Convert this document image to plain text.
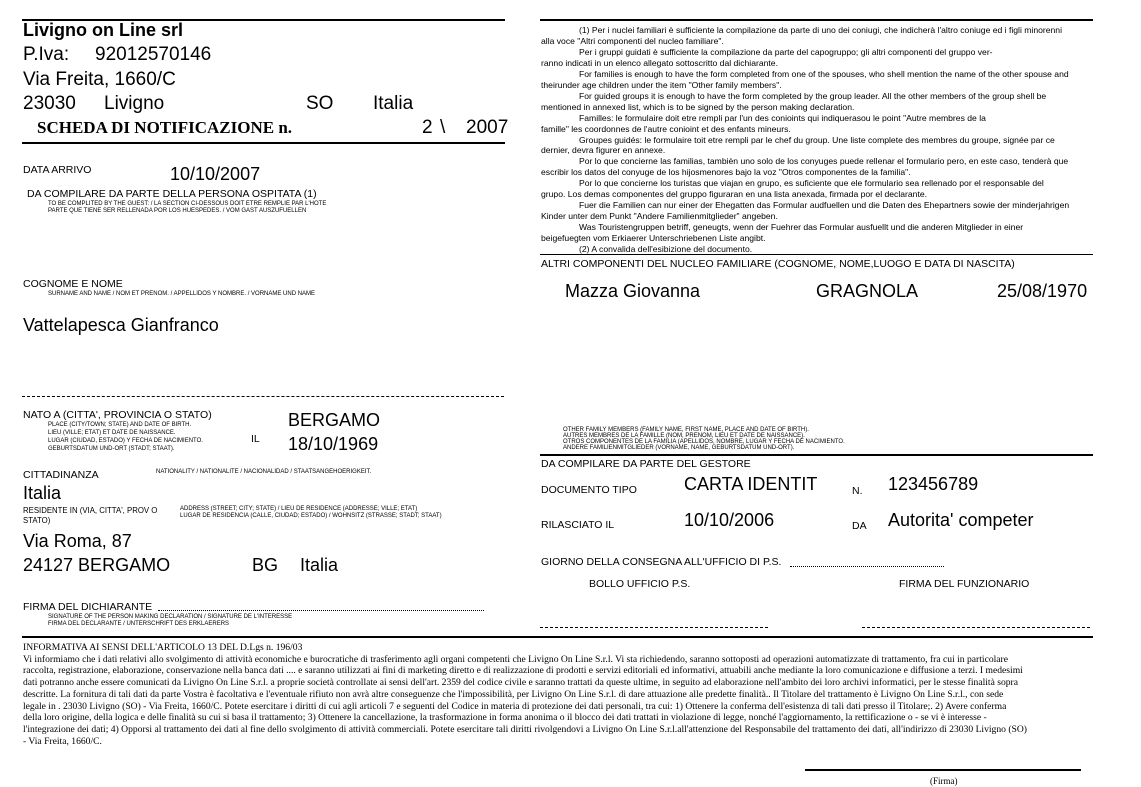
Livigno on Line srl
P.Iva: 92012570146
Via Freita, 1660/C
23030 Livigno	SO Italia
SCHEDA DI NOTIFICAZIONE n.	2 \ 2007
DATA ARRIVO	10/10/2007
DA COMPILARE DA PARTE DELLA PERSONA OSPITATA (1)
TO BE COMPLITED BY THE GUEST: / LA SECTION CI-DESSOUS DOIT ETRE REMPLIE PAR L'HOTE
PARTE QUE TIENE SER RELLENADA POR LOS HUESPEDES. / VOM GAST AUSZUFUELLEN
COGNOME E NOME
SURNAME AND NAME / NOM ET PRENOM. / APPELLIDOS Y NOMBRE. / VORNAME UND NAME
Vattelapesca Gianfranco
NATO A (CITTA', PROVINCIA O STATO)
PLACE (CITY/TOWN; STATE) AND DATE OF BIRTH.
LIEU (VILLE; ETAT) ET DATE DE NAISSANCE.
LUGAR (CIUDAD, ESTADO) Y FECHA DE NACIMIENTO.
GEBURTSDATUM UND-ORT (STADT; STAAT).
IL
BERGAMO
18/10/1969
CITTADINANZA	NATIONALITY / NATIONALITE / NACIONALIDAD / STAATSANGEHOERIGKEIT.
Italia
RESIDENTE IN (VIA, CITTA', PROV O STATO)
ADDRESS (STREET; CITY; STATE) / LIEU DE RESIDENCE (ADDRESSE; VILLE; ETAT)
LUGAR DE RESIDENCIA (CALLE, CIUDAD; ESTADO) / WOHNSITZ (STRASSE; STADT; STAAT)
Via Roma, 87
24127 BERGAMO	BG Italia
FIRMA DEL DICHIARANTE
SIGNATURE OF THE PERSON MAKING DECLARATION / SIGNATURE DE L'INTERESSE
FIRMA DEL DECLARANTE / UNTERSCHRIFT DES ERKLAERERS

(1) Per i nuclei familiari è sufficiente la compilazione da parte di uno dei coniugi, che indicherà l'altro coniuge ed i figli minorenni

alla voce "Altri componenti del nucleo familiare".

Per i gruppi guidati è sufficiente la compilazione da parte del capogruppo; gli altri componenti del gruppo ver-

ranno indicati in un elenco allegato sottoscritto dal dichiarante.

For families is enough to have the form completed from one of the spouses, who shell mention the name of the other spouse and

theirunder age children under the item "Other family members".

For guided groups it is enough to have the form completed by the group leader. All the other members of the group shell be

mentioned in annexed list, which is to be signed by the person making declaration.

Familles: le formulaire doit etre rempli par l'un des conioints qui indiquerasou le point "Autre membres de la

famille" les coordonnes de l'autre conioint et des enfants mineurs.

Groupes guidés: le formulaire toit etre rempli par le chef du group. Une liste complete des membres du groupe, signée par ce

dernier, devra figurer en annexe.

Por lo que concierne las familias, tambièn uno solo de los conyuges puede rellenar el formulario pero, en este caso, tenderà que

escribir los datos del conyuge de los hijosmenores bajo la voz "Otros componentes de la familia".

Por lo que concierne los turistas que viajan en grupo, es suficiente que ele formulario sea rellenado por el responsable del

grupo. Los demas componentes del gruppo figuraran en una lista anexada, firmada por el declarante.

Fuer die Familien can nur einer der Ehegatten das Formular audfuellen und die Daten des Ehepartners sowie der minderjahrigen

Kinder unter dem Punkt "Andere Familienmitglieder" angeben.

Was Touristengruppen betriff, geneugts, wenn der Fuehrer das Formular ausfuellt und die anderen Mitglieder in einer

beigefuegten vom Erkiaerer Unterschriebenen Liste angibt.

(2) A convalida dell'esibizione del documento.

ALTRI COMPONENTI DEL NUCLEO FAMILIARE (COGNOME, NOME,LUOGO E DATA DI NASCITA)
Mazza Giovanna	GRAGNOLA	25/08/1970
OTHER FAMILY MEMBERS (FAMILY NAME, FIRST NAME, PLACE AND DATE OF BIRTH).
AUTRES MEMBRES DE LA FAMILLE (NOM, PRENOM, LIEU ET DATE DE NAISSANCE).
OTROS COMPONENTES DE LA FAMILIA (APELLIDOS, NOMBRE, LUGAR Y FECHA DE NACIMIENTO.
ANDERE FAMILIENMITGLIEDER (VORNAME, NAME, GEBURTSDATUM UND-ORT).
DA COMPILARE DA PARTE DEL GESTORE
DOCUMENTO TIPO	CARTA IDENTIT	N. 123456789
RILASCIATO IL	10/10/2006	DA Autorita' competer
GIORNO DELLA CONSEGNA ALL'UFFICIO DI P.S.
BOLLO UFFICIO P.S.	FIRMA DEL FUNZIONARIO

INFORMATIVA AI SENSI DELL'ARTICOLO 13 DEL D.Lgs n. 196/03

Vi informiamo che i dati relativi allo svolgimento di attività economiche e burocratiche di trasferimento agli organi competenti che Livigno On Line S.r.l. Vi sta richiedendo, saranno sottoposti ad operazioni automatizzate di trattamento, fra cui in particolare

raccolta, registrazione, elaborazione, conservazione nella banca dati .... e saranno utilizzati ai fini di marketing diretto e di realizzazione di prodotti e servizi editoriali ed informativi, attuabili anche mediante la loro comunicazione e diffusione a terzi. I medesimi

dati potranno anche essere comunicati da Livigno On Line S.r.l. a proprie società controllate ai sensi dell'art. 2359 del codice civile e saranno trattati da queste ultime, in seguito ad elaborazione nell'ambito dei loro archivi informatici, per le stesse finalità sopra

descritte. La fornitura di tali dati da parte Vostra è facoltativa e l'eventuale rifiuto non avrà altre conseguenze che l'impossibilità, per Livigno On Line S.r.l. di dare attuazione alle predette finalità.. Il Titolare del trattamento è Livigno On Line S.r.l., con sede

legale in . 23030 Livigno (SO) - Via Freita, 1660/C. Potete esercitare i diritti di cui agli articoli 7 e seguenti del Codice in materia di protezione dei dati personali, tra cui: 1) Ottenere la conferma dell'esistenza di tali dati presso il Titolare;. 2) Avere conferma

della loro origine, della logica e delle finalità su cui si basa il trattamento; 3) Ottenere la cancellazione, la trasformazione in forma anonima o il blocco dei dati trattati in violazione di legge, nonché l'aggiornamento, la rettificazione o - se vi è interesse -

l'integrazione dei dati; 4) Opporsi al trattamento dei dati al fine dello svolgimento di attività commerciali. Potete esercitare tali diritti rivolgendovi a Livigno On Line S.r.l.all'attenzione del Responsabile del trattamento dei dati, all'indirizzo di 23030 Livigno (SO)

- Via Freita, 1660/C.

(Firma)
